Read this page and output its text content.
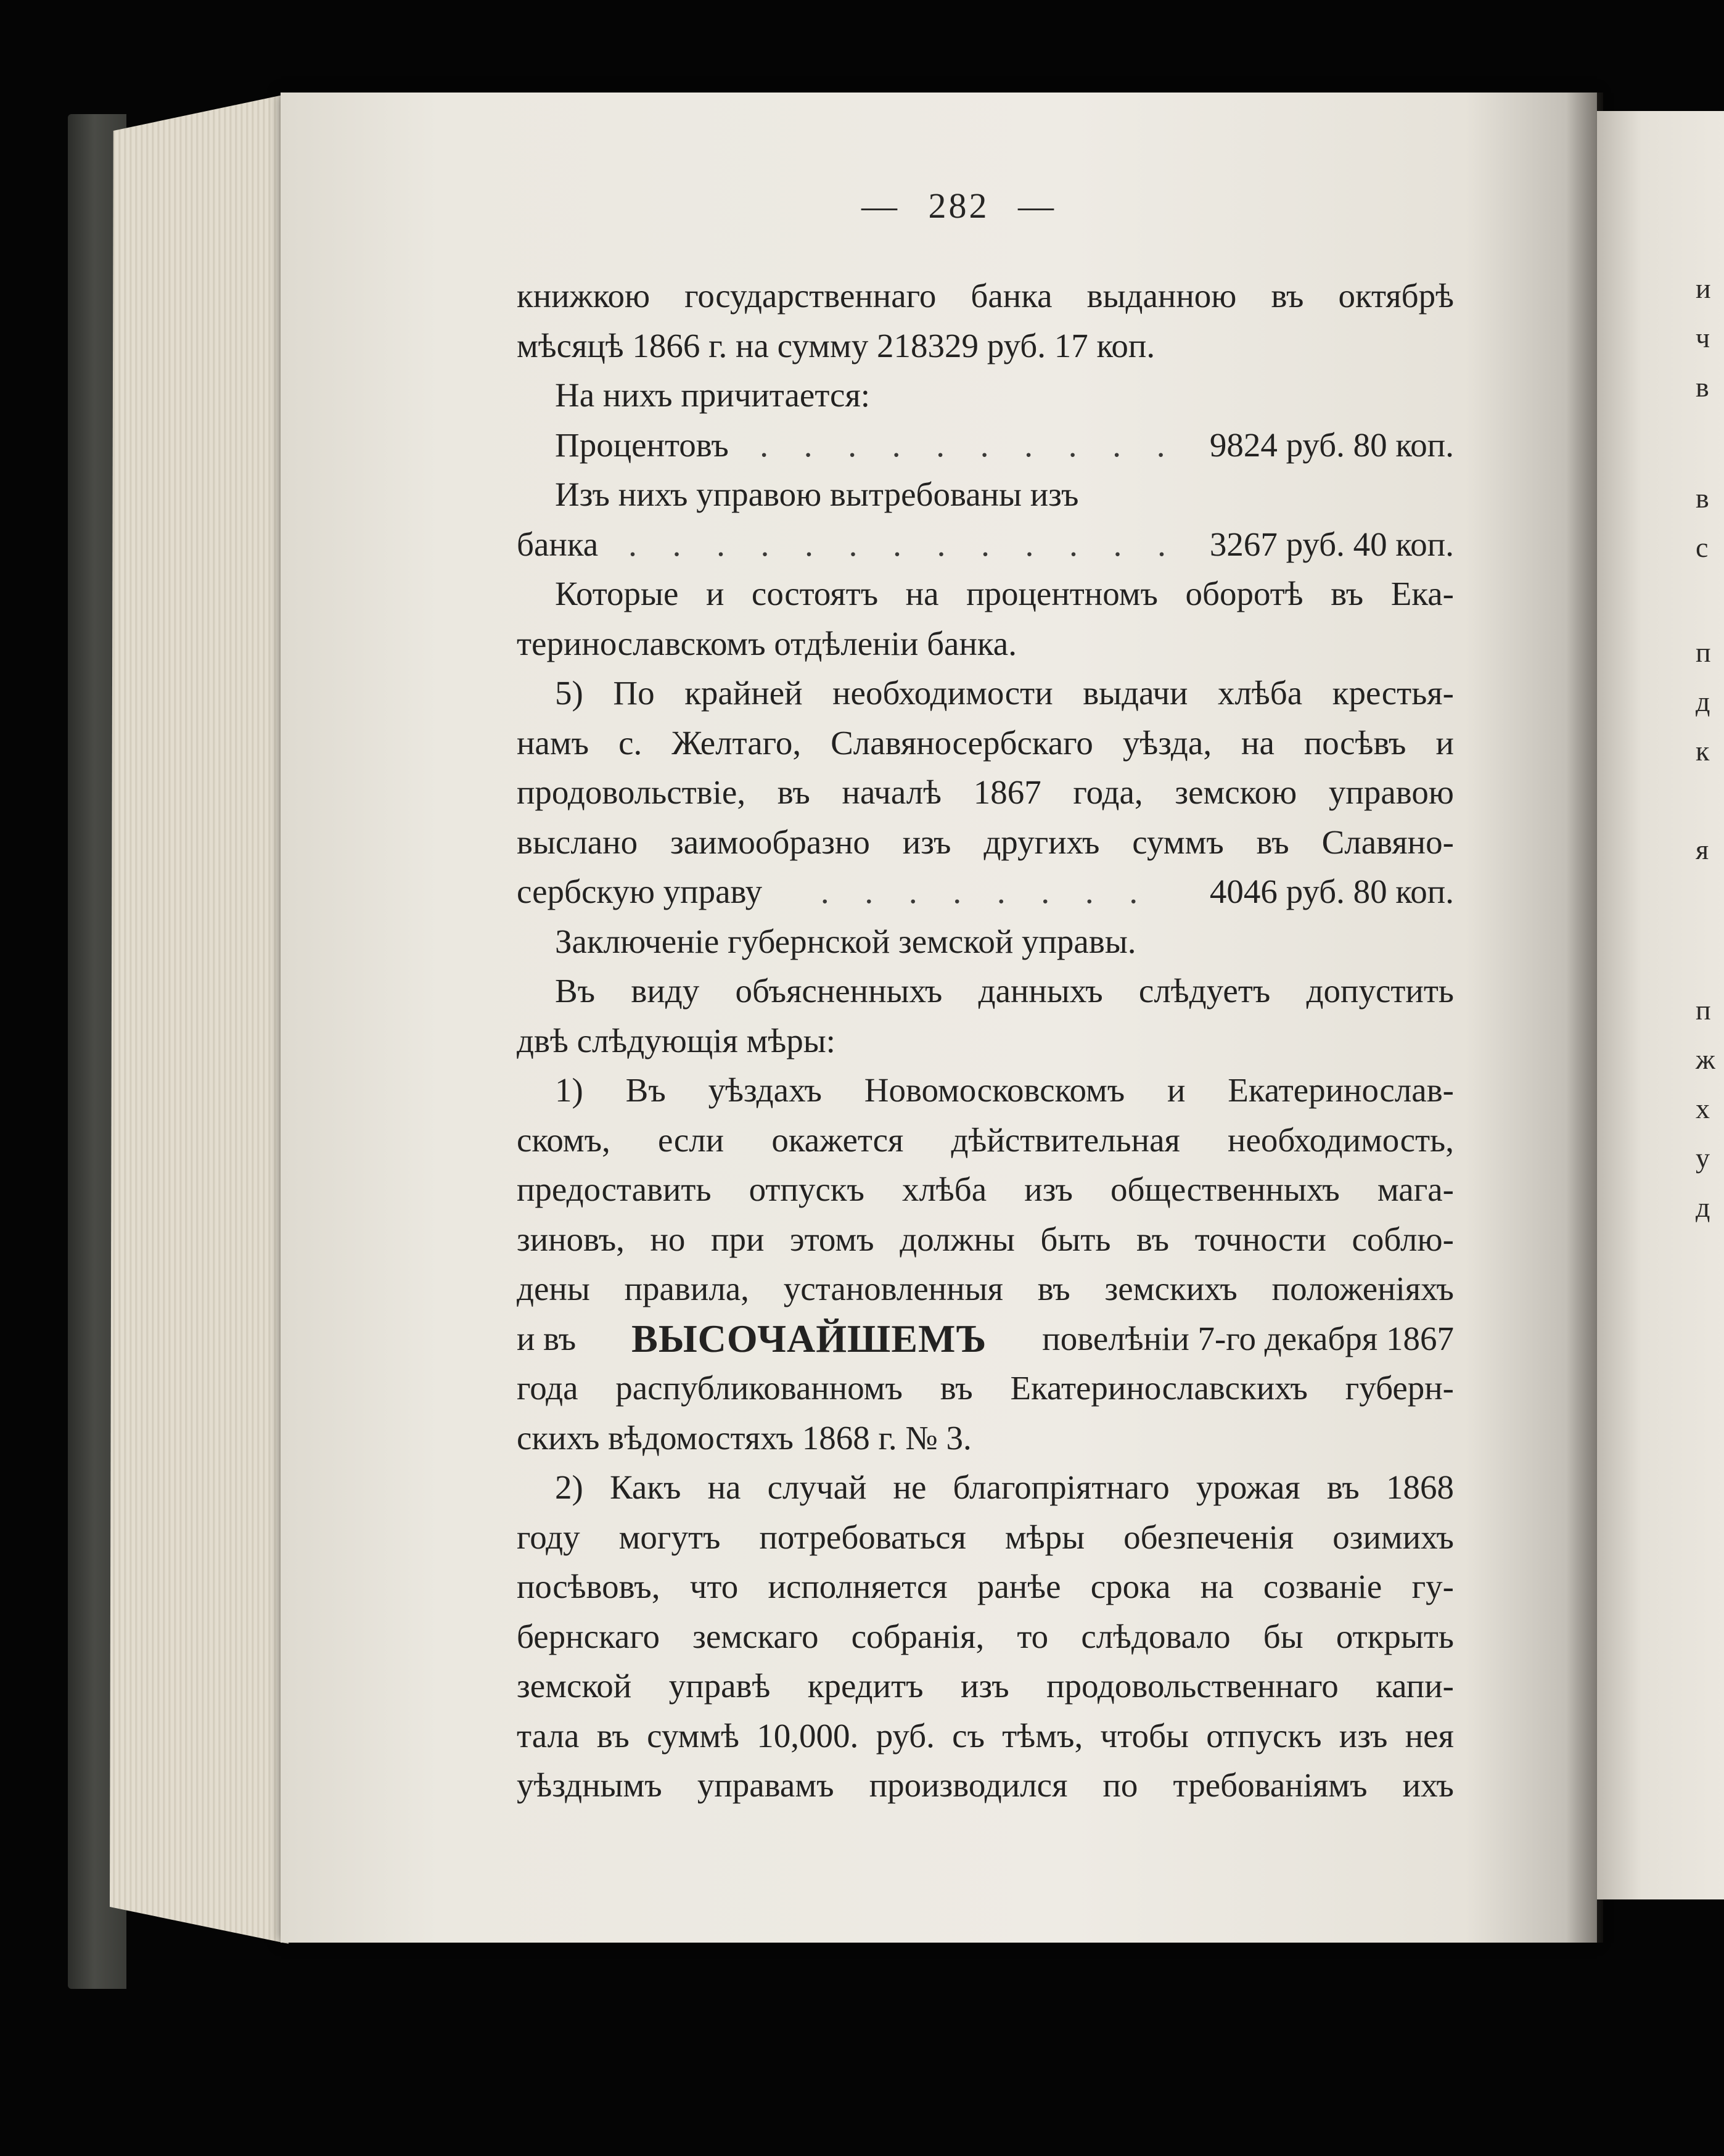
и
ч
в
в
с
п
д
к
я
п
ж
х
у
д
— 282 —
книжкою государственнаго банка выданною въ октябрѣ
мѣсяцѣ 1866 г. на сумму 218329 руб. 17 коп.
На нихъ причитается:
Процентовъ . . . . . . . . . . 9824 руб. 80 коп.
Изъ нихъ управою вытребованы изъ
банка . . . . . . . . . . . . . 3267 руб. 40 коп.
Которые и состоятъ на процентномъ оборотѣ въ Ека-
теринославскомъ отдѣленіи банка.
5) По крайней необходимости выдачи хлѣба крестья-
намъ с. Желтаго, Славяносербскаго уѣзда, на посѣвъ и
продовольствіе, въ началѣ 1867 года, земскою управою
выслано заимообразно изъ другихъ суммъ въ Славяно-
сербскую управу	. . . . . . . .	4046 руб. 80 коп.
Заключеніе губернской земской управы.
Въ виду объясненныхъ данныхъ слѣдуетъ допустить
двѣ слѣдующія мѣры:
1) Въ уѣздахъ Новомосковскомъ и Екатеринослав-
скомъ, если окажется дѣйствительная необходимость,
предоставить отпускъ хлѣба изъ общественныхъ мага-
зиновъ, но при этомъ должны быть въ точности соблю-
дены правила, установленныя въ земскихъ положеніяхъ
и въ ВЫСОЧАЙШЕМЪ повелѣніи 7-го декабря 1867
года распубликованномъ въ Екатеринославскихъ губерн-
скихъ вѣдомостяхъ 1868 г. № 3.
2) Какъ на случай не благопріятнаго урожая въ 1868
году могутъ потребоваться мѣры обезпеченія озимихъ
посѣвовъ, что исполняется ранѣе срока на созваніе гу-
бернскаго земскаго собранія, то слѣдовало бы открыть
земской управѣ кредитъ изъ продовольственнаго капи-
тала въ суммѣ 10,000. руб. съ тѣмъ, чтобы отпускъ изъ нея
уѣзднымъ управамъ производился по требованіямъ ихъ
